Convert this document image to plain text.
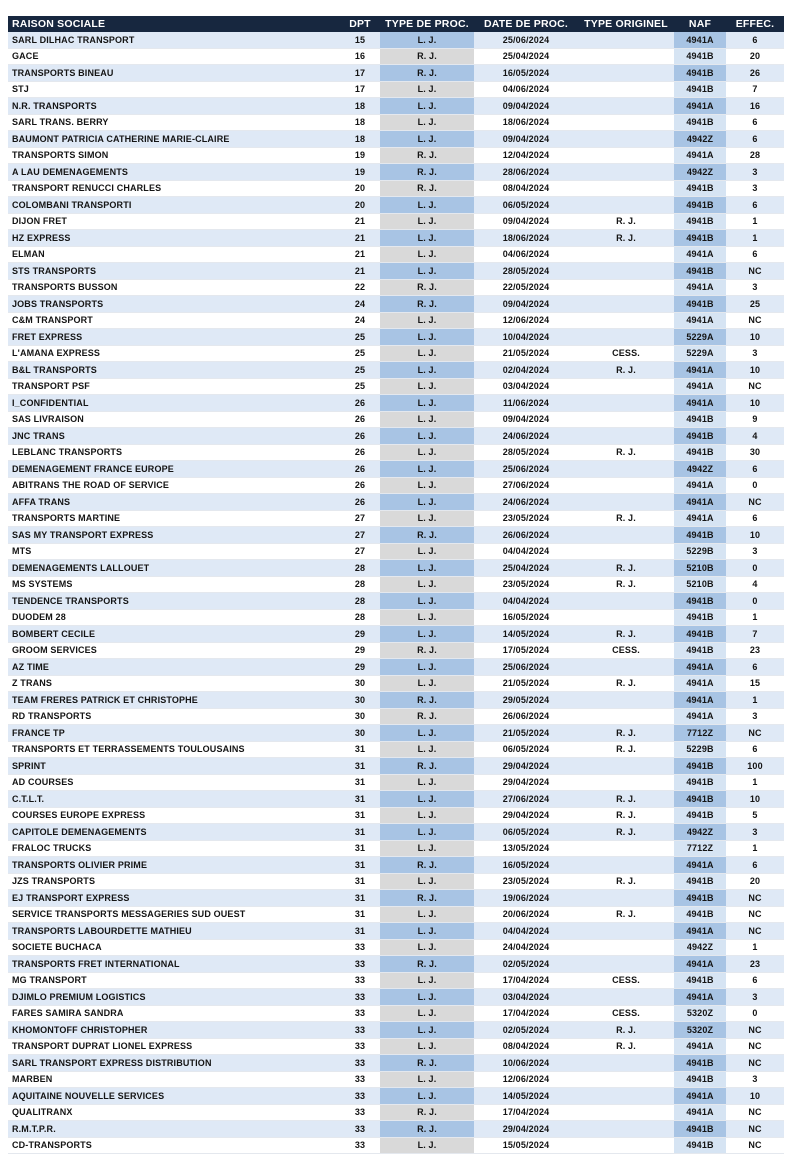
RAISON SOCIALE	DPT	TYPE DE PROC.	DATE DE PROC.	TYPE ORIGINEL	NAF	EFFEC.
SARL DILHAC TRANSPORT	15	L. J.	25/06/2024		4941A	6
GACE	16	R. J.	25/04/2024		4941B	20
TRANSPORTS BINEAU	17	R. J.	16/05/2024		4941B	26
STJ	17	L. J.	04/06/2024		4941B	7
N.R. TRANSPORTS	18	L. J.	09/04/2024		4941A	16
SARL TRANS. BERRY	18	L. J.	18/06/2024		4941B	6
BAUMONT PATRICIA CATHERINE MARIE-CLAIRE	18	L. J.	09/04/2024		4942Z	6
TRANSPORTS SIMON	19	R. J.	12/04/2024		4941A	28
A LAU DEMENAGEMENTS	19	R. J.	28/06/2024		4942Z	3
TRANSPORT RENUCCI CHARLES	20	R. J.	08/04/2024		4941B	3
COLOMBANI TRANSPORTI	20	L. J.	06/05/2024		4941B	6
DIJON FRET	21	L. J.	09/04/2024	R. J.	4941B	1
HZ EXPRESS	21	L. J.	18/06/2024	R. J.	4941B	1
ELMAN	21	L. J.	04/06/2024		4941A	6
STS TRANSPORTS	21	L. J.	28/05/2024		4941B	NC
TRANSPORTS BUSSON	22	R. J.	22/05/2024		4941A	3
JOBS TRANSPORTS	24	R. J.	09/04/2024		4941B	25
C&M TRANSPORT	24	L. J.	12/06/2024		4941A	NC
FRET EXPRESS	25	L. J.	10/04/2024		5229A	10
L'AMANA EXPRESS	25	L. J.	21/05/2024	CESS.	5229A	3
B&L TRANSPORTS	25	L. J.	02/04/2024	R. J.	4941A	10
TRANSPORT PSF	25	L. J.	03/04/2024		4941A	NC
I_CONFIDENTIAL	26	L. J.	11/06/2024		4941A	10
SAS LIVRAISON	26	L. J.	09/04/2024		4941B	9
JNC TRANS	26	L. J.	24/06/2024		4941B	4
LEBLANC TRANSPORTS	26	L. J.	28/05/2024	R. J.	4941B	30
DEMENAGEMENT FRANCE EUROPE	26	L. J.	25/06/2024		4942Z	6
ABITRANS THE ROAD OF SERVICE	26	L. J.	27/06/2024		4941A	0
AFFA TRANS	26	L. J.	24/06/2024		4941A	NC
TRANSPORTS MARTINE	27	L. J.	23/05/2024	R. J.	4941A	6
SAS MY TRANSPORT EXPRESS	27	R. J.	26/06/2024		4941B	10
MTS	27	L. J.	04/04/2024		5229B	3
DEMENAGEMENTS LALLOUET	28	L. J.	25/04/2024	R. J.	5210B	0
MS SYSTEMS	28	L. J.	23/05/2024	R. J.	5210B	4
TENDENCE TRANSPORTS	28	L. J.	04/04/2024		4941B	0
DUODEM 28	28	L. J.	16/05/2024		4941B	1
BOMBERT CECILE	29	L. J.	14/05/2024	R. J.	4941B	7
GROOM SERVICES	29	R. J.	17/05/2024	CESS.	4941B	23
AZ TIME	29	L. J.	25/06/2024		4941A	6
Z TRANS	30	L. J.	21/05/2024	R. J.	4941A	15
TEAM FRERES PATRICK ET CHRISTOPHE	30	R. J.	29/05/2024		4941A	1
RD TRANSPORTS	30	R. J.	26/06/2024		4941A	3
FRANCE TP	30	L. J.	21/05/2024	R. J.	7712Z	NC
TRANSPORTS ET TERRASSEMENTS TOULOUSAINS	31	L. J.	06/05/2024	R. J.	5229B	6
SPRINT	31	R. J.	29/04/2024		4941B	100
AD COURSES	31	L. J.	29/04/2024		4941B	1
C.T.L.T.	31	L. J.	27/06/2024	R. J.	4941B	10
COURSES EUROPE EXPRESS	31	L. J.	29/04/2024	R. J.	4941B	5
CAPITOLE DEMENAGEMENTS	31	L. J.	06/05/2024	R. J.	4942Z	3
FRALOC TRUCKS	31	L. J.	13/05/2024		7712Z	1
TRANSPORTS OLIVIER PRIME	31	R. J.	16/05/2024		4941A	6
JZS TRANSPORTS	31	L. J.	23/05/2024	R. J.	4941B	20
EJ TRANSPORT EXPRESS	31	R. J.	19/06/2024		4941B	NC
SERVICE TRANSPORTS MESSAGERIES SUD OUEST	31	L. J.	20/06/2024	R. J.	4941B	NC
TRANSPORTS LABOURDETTE MATHIEU	31	L. J.	04/04/2024		4941A	NC
SOCIETE BUCHACA	33	L. J.	24/04/2024		4942Z	1
TRANSPORTS FRET INTERNATIONAL	33	R. J.	02/05/2024		4941A	23
MG TRANSPORT	33	L. J.	17/04/2024	CESS.	4941B	6
DJIMLO PREMIUM LOGISTICS	33	L. J.	03/04/2024		4941A	3
FARES SAMIRA SANDRA	33	L. J.	17/04/2024	CESS.	5320Z	0
KHOMONTOFF CHRISTOPHER	33	L. J.	02/05/2024	R. J.	5320Z	NC
TRANSPORT DUPRAT LIONEL EXPRESS	33	L. J.	08/04/2024	R. J.	4941A	NC
SARL TRANSPORT EXPRESS DISTRIBUTION	33	R. J.	10/06/2024		4941B	NC
MARBEN	33	L. J.	12/06/2024		4941B	3
AQUITAINE NOUVELLE SERVICES	33	L. J.	14/05/2024		4941A	10
QUALITRANX	33	R. J.	17/04/2024		4941A	NC
R.M.T.P.R.	33	R. J.	29/04/2024		4941B	NC
CD-TRANSPORTS	33	L. J.	15/05/2024		4941B	NC
